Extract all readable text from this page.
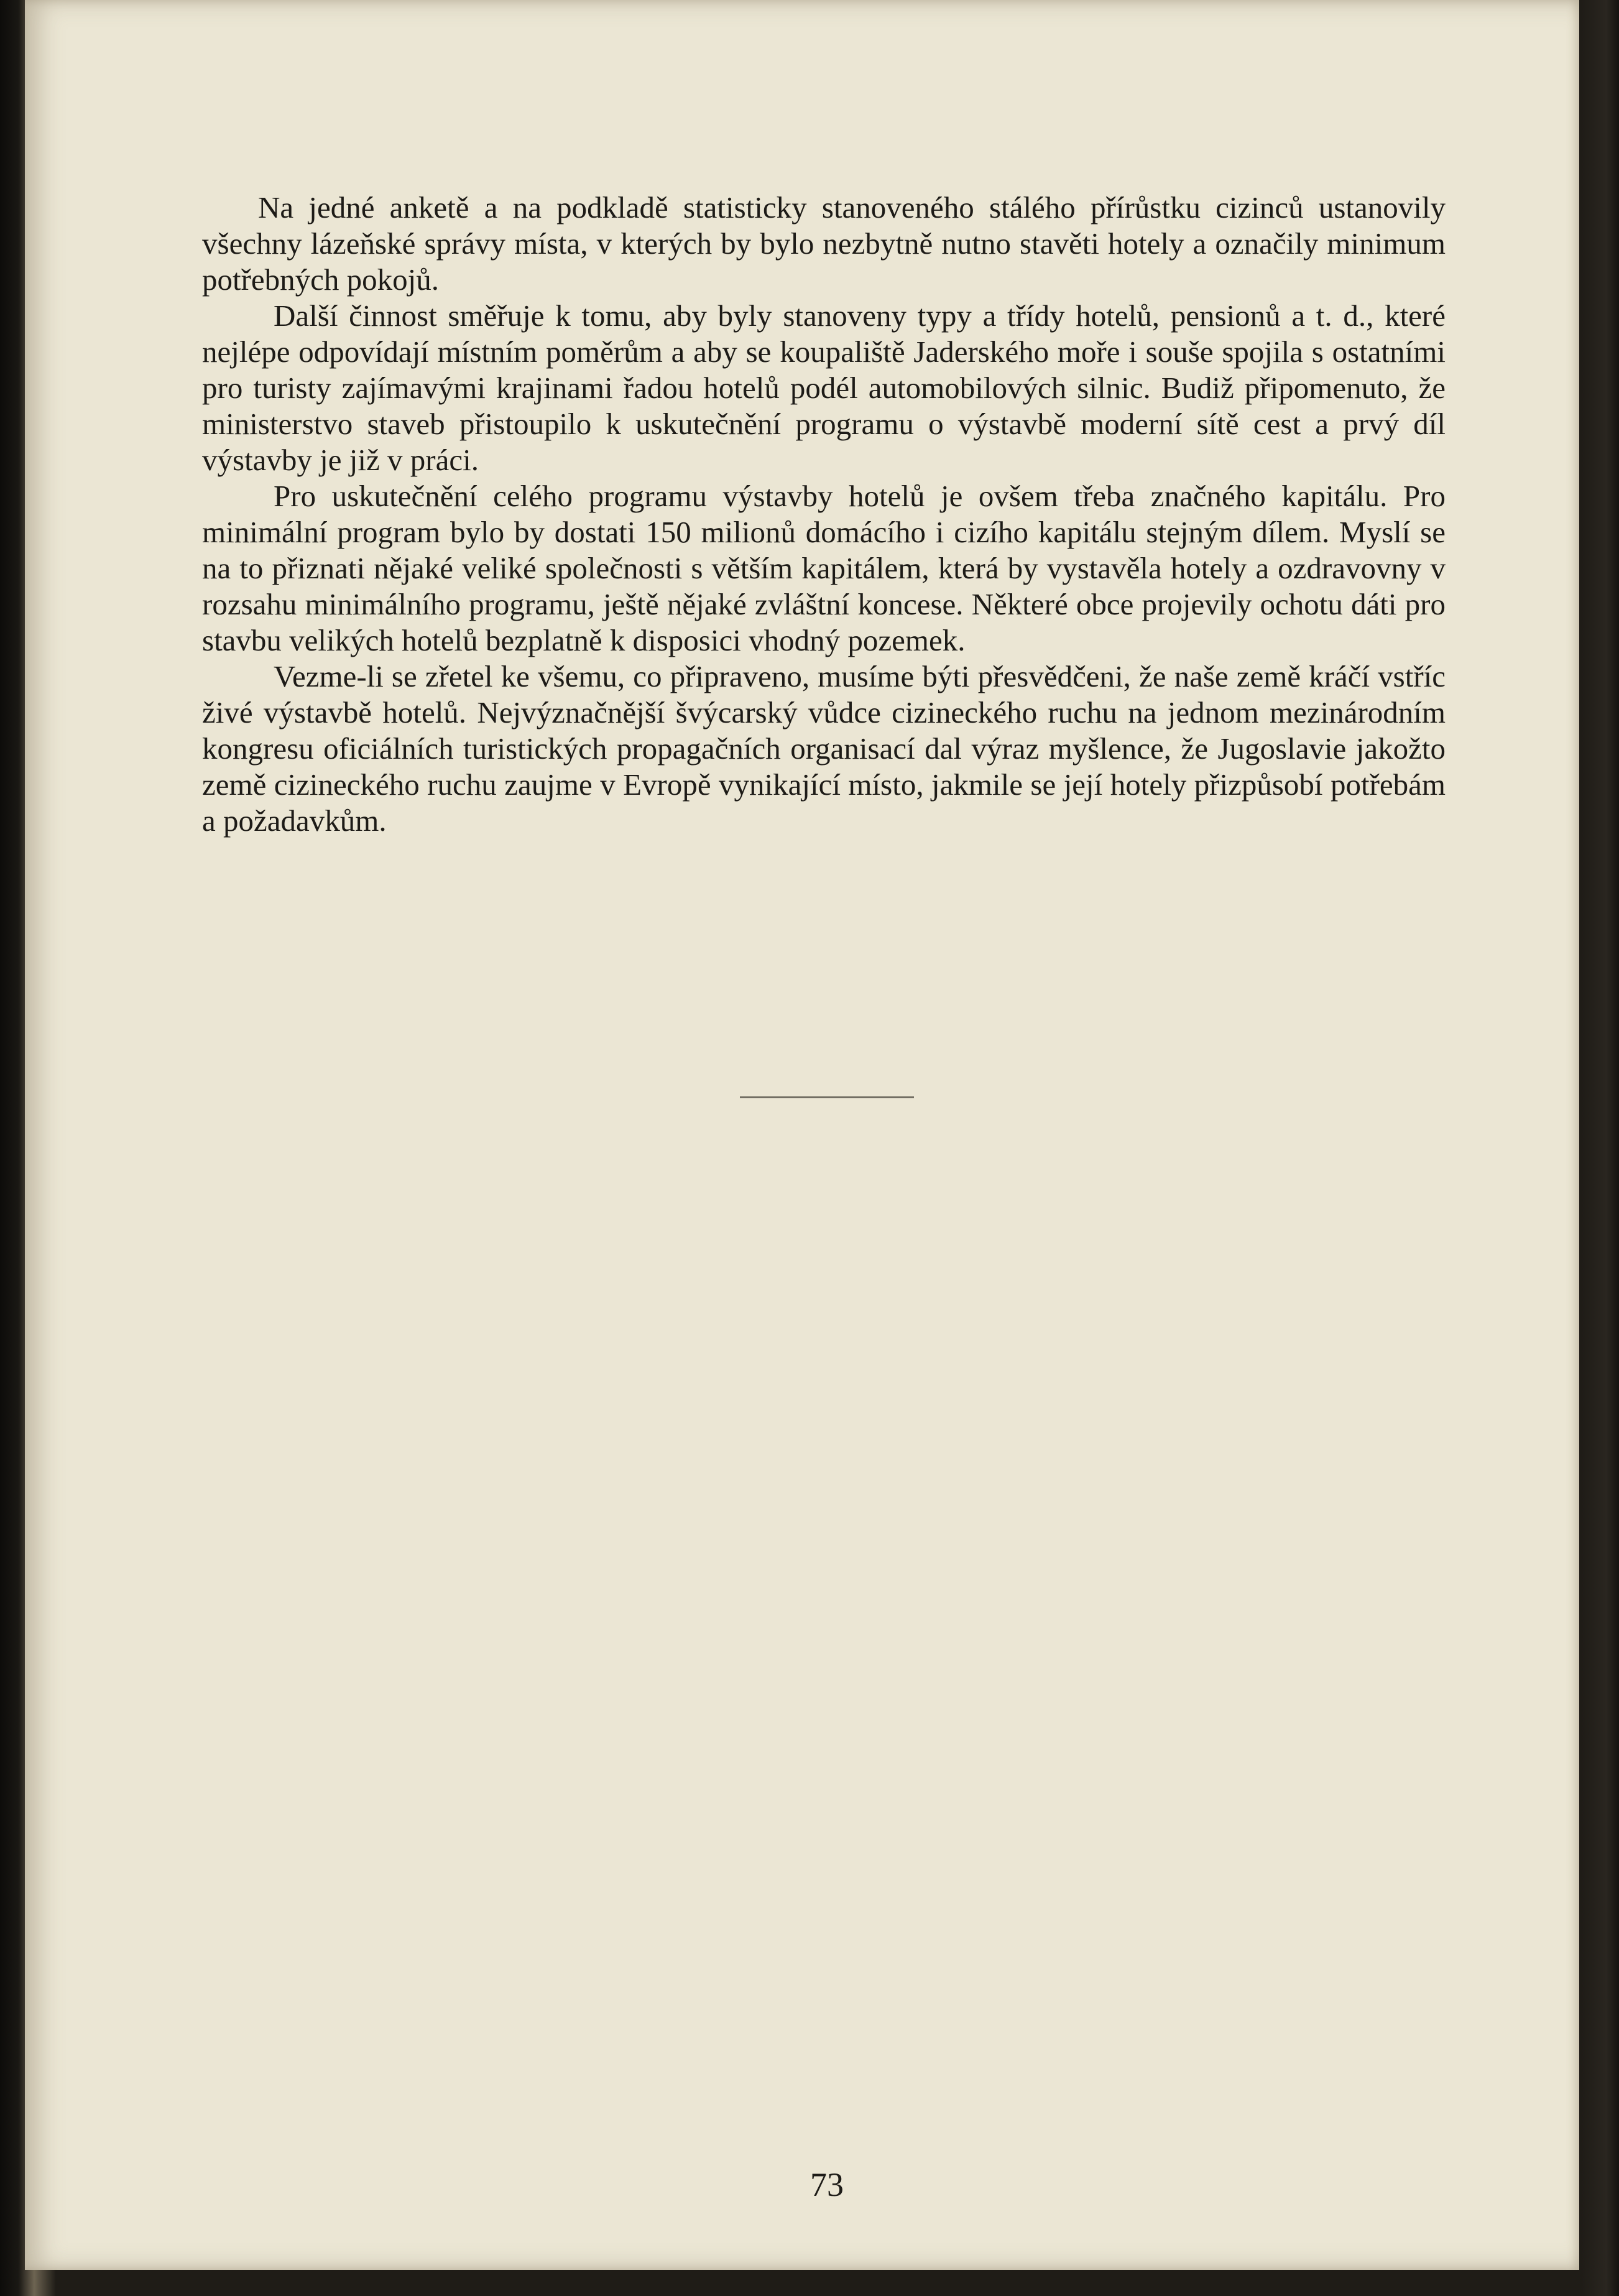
Na jedné anketě a na podkladě statisticky stanoveného stálého přírůstku cizinců ustanovily všechny lázeňské správy místa, v kterých by bylo nezbytně nutno stavěti hotely a označily minimum potřebných pokojů.

Další činnost směřuje k tomu, aby byly stanoveny typy a třídy hotelů, pensionů a t. d., které nejlépe odpovídají místním poměrům a aby se koupaliště Jaderského moře i souše spojila s ostatními pro turisty zajímavými krajinami řadou hotelů podél automobilových silnic. Budiž připomenuto, že ministerstvo staveb přistoupilo k uskutečnění programu o výstavbě moderní sítě cest a prvý díl výstavby je již v práci.

Pro uskutečnění celého programu výstavby hotelů je ovšem třeba značného kapitálu. Pro minimální program bylo by dostati 150 milionů domácího i cizího kapitálu stejným dílem. Myslí se na to přiznati nějaké veliké společnosti s větším kapitálem, která by vystavěla hotely a ozdravovny v rozsahu minimálního programu, ještě nějaké zvláštní koncese. Některé obce projevily ochotu dáti pro stavbu velikých hotelů bezplatně k disposici vhodný pozemek.

Vezme-li se zřetel ke všemu, co připraveno, musíme býti přesvědčeni, že naše země kráčí vstříc živé výstavbě hotelů. Nejvýznačnější švýcarský vůdce cizineckého ruchu na jednom mezinárodním kongresu oficiálních turistických propagačních organisací dal výraz myšlence, že Jugoslavie jakožto země cizineckého ruchu zaujme v Evropě vynikající místo, jakmile se její hotely přizpůsobí potřebám a požadavkům.

73
